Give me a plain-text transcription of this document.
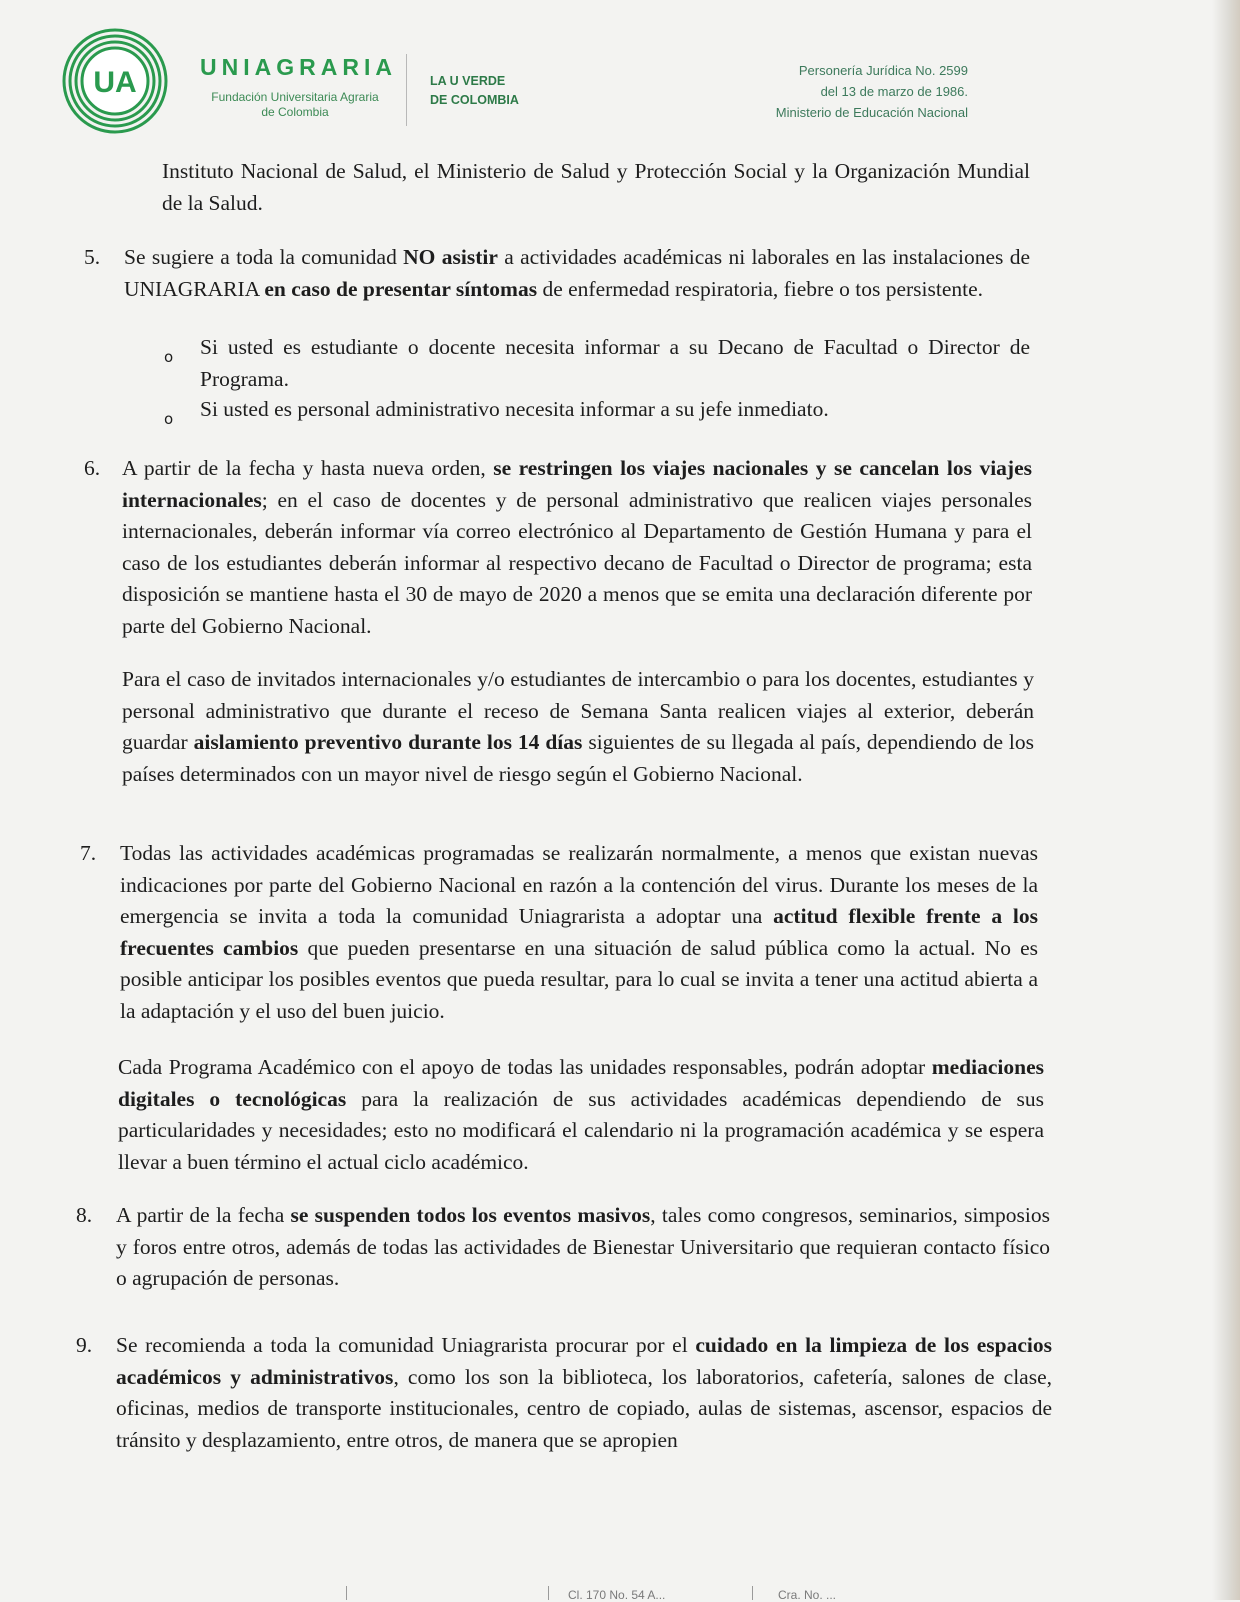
UA	UNIAGRARIA
Fundación Universitaria Agraria
de Colombia
LA U VERDE
DE COLOMBIA
Personería Jurídica No. 2599
del 13 de marzo de 1986.
Ministerio de Educación Nacional

Instituto Nacional de Salud, el Ministerio de Salud y Protección Social y la Organización Mundial de la Salud.

5. Se sugiere a toda la comunidad NO asistir a actividades académicas ni laborales en las instalaciones de UNIAGRARIA en caso de presentar síntomas de enfermedad respiratoria, fiebre o tos persistente.

o Si usted es estudiante o docente necesita informar a su Decano de Facultad o Director de Programa.

o Si usted es personal administrativo necesita informar a su jefe inmediato.

6. A partir de la fecha y hasta nueva orden, se restringen los viajes nacionales y se cancelan los viajes internacionales; en el caso de docentes y de personal administrativo que realicen viajes personales internacionales, deberán informar vía correo electrónico al Departamento de Gestión Humana y para el caso de los estudiantes deberán informar al respectivo decano de Facultad o Director de programa; esta disposición se mantiene hasta el 30 de mayo de 2020 a menos que se emita una declaración diferente por parte del Gobierno Nacional.

Para el caso de invitados internacionales y/o estudiantes de intercambio o para los docentes, estudiantes y personal administrativo que durante el receso de Semana Santa realicen viajes al exterior, deberán guardar aislamiento preventivo durante los 14 días siguientes de su llegada al país, dependiendo de los países determinados con un mayor nivel de riesgo según el Gobierno Nacional.

7. Todas las actividades académicas programadas se realizarán normalmente, a menos que existan nuevas indicaciones por parte del Gobierno Nacional en razón a la contención del virus. Durante los meses de la emergencia se invita a toda la comunidad Uniagrarista a adoptar una actitud flexible frente a los frecuentes cambios que pueden presentarse en una situación de salud pública como la actual. No es posible anticipar los posibles eventos que pueda resultar, para lo cual se invita a tener una actitud abierta a la adaptación y el uso del buen juicio.

Cada Programa Académico con el apoyo de todas las unidades responsables, podrán adoptar mediaciones digitales o tecnológicas para la realización de sus actividades académicas dependiendo de sus particularidades y necesidades; esto no modificará el calendario ni la programación académica y se espera llevar a buen término el actual ciclo académico.

8. A partir de la fecha se suspenden todos los eventos masivos, tales como congresos, seminarios, simposios y foros entre otros, además de todas las actividades de Bienestar Universitario que requieran contacto físico o agrupación de personas.

9. Se recomienda a toda la comunidad Uniagrarista procurar por el cuidado en la limpieza de los espacios académicos y administrativos, como los son la biblioteca, los laboratorios, cafetería, salones de clase, oficinas, medios de transporte institucionales, centro de copiado, aulas de sistemas, ascensor, espacios de tránsito y desplazamiento, entre otros, de manera que se apropien

Cl. 170 No. 54 A...	Cra. No. ...
